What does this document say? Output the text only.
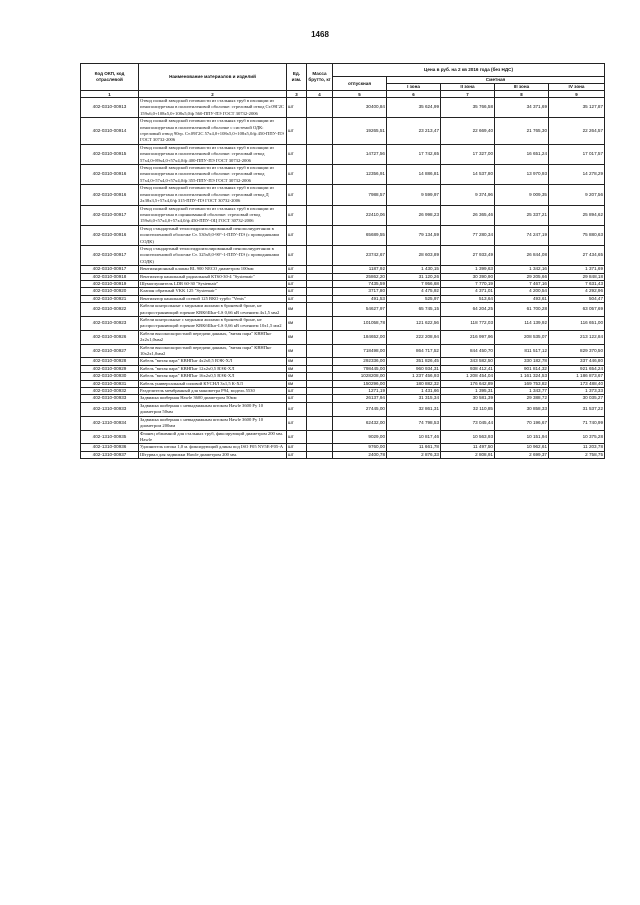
1468
Код ОКП, код отраслевой	Наименование материалов и изделий	Ед. изм.	Масса брутто, кг	Цена в руб. на 2 кв 2016 года (без НДС)				
				отпускная	Сметная			
					I зона	II зона	III зона	IV зона
1	2	3	4	5	6	7	8	9
402-0310-00913	Отвод полной заводской готовности из стальных труб в изоляции из пенополиуретана в полиэтиленовой оболочке: стреловый отвод Ст.09Г2С 159х6,0+108х5,0+108х5,0/ф 560-ППУ-ПЭ ГОСТ 30732-2006	шт		30400,84	35 624,99	35 766,58	34 371,69	35 127,87
402-0310-00914	Отвод полной заводской готовности из стальных труб в изоляции из пенополиуретана в полиэтиленовой оболочке с системой ОДК: стреловый отвод 90гр. Ст.09Г2С 57х4,0+108х5,0+108х5,0/ф 450-ППУ-ПЭ ГОСТ 30732-2006	шт		19265,51	23 213,47	22 669,40	21 765,30	22 264,57
402-0310-00915	Отвод полной заводской готовности из стальных труб в изоляции из пенополиуретана в полиэтиленовой оболочке: стреловый отвод 57х4,0+89х4,0+57х4,0/ф 400-ППУ-ПЭ ГОСТ 30732-2006	шт		14727,56	17 742,65	17 327,00	16 651,24	17 017,57
402-0310-00916	Отвод полной заводской готовности из стальных труб в изоляции из пенополиуретана в полиэтиленовой оболочке: стреловый отвод 57х4,0+57х4,0+57х4,0/ф 355-ППУ-ПЭ ГОСТ 30732-2006	шт		12356,91	14 886,81	14 537,80	13 970,93	14 278,29
402-0310-00916	Отвод полной заводской готовности из стальных труб в изоляции из пенополиуретана в полиэтиленовой оболочке: стреловый отвод Д 2х38х3,5+57х4,0/ф 315-ППУ-ПЭ ГОСТ 30732-2006	шт		7988,57	9 599,97	9 374,96	9 009,35	9 207,56
402-0310-00917	Отвод полной заводской готовности из стальных труб в изоляции из пенополиуретана в оцинкованной оболочке: стреловый отвод 159х6,0+57х4,0+57х4,0/ф 450-ППУ-ОЦ ГОСТ 30732-2006	шт		22410,06	26 998,23	26 365,46	25 337,21	25 894,62
402-0310-00916	Отвод стандартный теплогидроизолированный пенополиуретаном в полиэтиленовой оболочке Ст. 530х9,0-90°-1-ППУ-ПЭ (с проводниками СОДК)	шт		65689,55	79 134,59	77 280,34	74 247,19	75 880,63
402-0310-00917	Отвод стандартный теплогидроизолированный пенополиуретаном в полиэтиленовой оболочке Ст. 325х8,0-90°-1-ППУ-ПЭ (с проводниками СОДК)	шт		23742,67	28 603,89	27 933,49	26 844,08	27 434,65
402-0310-00917	Вентиляционный клапан RL 900 NECO диаметром 100мм	шт		1187,92	1 430,15	1 399,63	1 342,16	1 371,69
402-0310-00918	Вентилятор канальный радиальный КТ60-30-4 "Systemair"	шт		25862,20	31 120,26	30 390,90	29 205,66	29 848,18
402-0310-00919	Шумоглушитель LDR 60-30 "Systemair"	шт		7435,59	7 956,68	7 770,19	7 467,16	7 631,43
402-0310-00920	Клапан обратный VKK 125 "Systemair"	шт		3717,80	4 475,92	4 371,01	4 200,54	4 292,96
402-0310-00921	Вентилятор канальный осевой 125 ВКО турбо "Vents"	шт		491,53	525,97	513,64	493,61	504,47
402-0310-00922	Кабели контрольные с медными жилами в броневой броне, не распространяющий горение КВКбШнг-LS 0,66 кВ сечением 4х1,5 мм2	км		54627,97	65 745,15	64 204,25	61 700,28	63 057,69
402-0310-00923	Кабели контрольные с медными жилами в броневой броне, не распространяющий горение КВКбШнг-LS 0,66 кВ сечением 10х1,5 мм2	км		101058,78	121 622,56	118 772,03	114 139,92	116 651,00
402-0310-00926	Кабели высокоскоростной передачи данных, "витая пара" КВНПнг 2х2х1,0мм2	км		184652,00	222 208,94	216 997,96	208 535,07	213 122,84
402-0310-00927	Кабели высокоскоростной передачи данных, "витая пара" КВНПнг 10х2х1,0мм2	км		718498,00	864 717,52	844 450,70	811 517,12	829 370,50
402-0310-00928	Кабель "витая пара" КВНПнг 4х2х0,5 ВЭК-ХЛ	км		292336,00	351 826,45	343 582,50	330 182,78	337 446,80
402-0310-00929	Кабель "витая пара" КВНПнг 12х2х0,5 ВЭК-ХЛ	км		798445,00	960 934,31	938 412,41	901 814,32	921 654,24
402-0310-00930	Кабель "витая пара" КВНПнг 16х2х0,5 ВЭК-ХЛ	км		1028208,00	1 237 456,93	1 208 454,04	1 161 324,53	1 186 873,67
402-0310-00931	Кабель универсальный силовой КУСНЛ 3х1,5 К-ХЛ	км		150296,00	180 882,32	176 642,89	169 753,82	173 488,40
402-0310-00932	Разделитель мембранный для манометра Р94, модель 5530	шт		1271,19	1 431,66	1 395,31	1 343,77	1 373,33
402-0310-00933	Задвижка шиберная Hawle 3600 диаметром 50мм	шт		26137,94	31 315,34	30 581,39	29 388,72	30 035,27
402-1310-00933	Задвижка шиберная с невыдвижным штоком Hawle 3600 Ру 10 диаметром 50мм	шт		27445,00	32 861,31	32 110,85	30 858,33	31 537,22
402-1310-00934	Задвижка шиберная с невыдвижным штоком Hawle 3600 Ру 10 диаметром 200мм	шт		62432,00	74 798,53	73 045,44	70 196,67	71 740,99
402-1310-00935	Фланец обжимной для стальных труб, фиксирующий диаметром 200 мм. Hawle	шт		9029,00	10 817,46	10 563,93	10 151,94	10 375,28
402-1310-00936	Удлинитель штока 1,0 м. фиксирующий длины под ISO F05 NV5E-F05-А	шт		9760,00	11 661,78	11 497,50	10 962,61	11 203,78
402-1310-00937	Штурвал для задвижки Hawle диаметром 200 мм.	шт		2400,78	2 876,33	2 808,91	2 699,37	2 758,75
